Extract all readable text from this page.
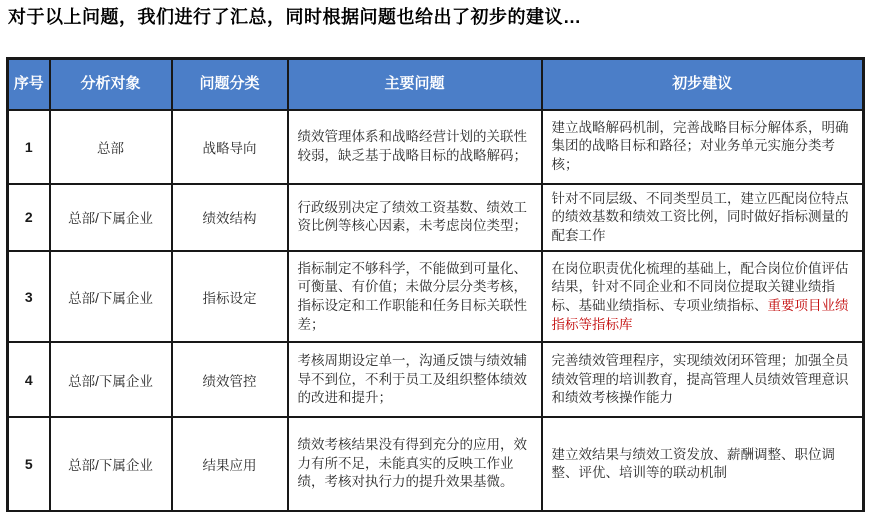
对于以上问题，我们进行了汇总，同时根据问题也给出了初步的建议…
序号	分析对象	问题分类	主要问题	初步建议
1	总部	战略导向	绩效管理体系和战略经营计划的关联性较弱，缺乏基于战略目标的战略解码；	建立战略解码机制，完善战略目标分解体系，明确集团的战略目标和路径；对业务单元实施分类考核；
2	总部/下属企业	绩效结构	行政级别决定了绩效工资基数、绩效工资比例等核心因素，未考虑岗位类型；	针对不同层级、不同类型员工，建立匹配岗位特点的绩效基数和绩效工资比例，同时做好指标测量的配套工作
3	总部/下属企业	指标设定	指标制定不够科学，不能做到可量化、可衡量、有价值；未做分层分类考核，指标设定和工作职能和任务目标关联性差；	在岗位职责优化梳理的基础上，配合岗位价值评估结果，针对不同企业和不同岗位提取关键业绩指标、基础业绩指标、专项业绩指标、重要项目业绩指标等指标库
4	总部/下属企业	绩效管控	考核周期设定单一，沟通反馈与绩效辅导不到位，不利于员工及组织整体绩效的改进和提升；	完善绩效管理程序，实现绩效闭环管理；加强全员绩效管理的培训教育，提高管理人员绩效管理意识和绩效考核操作能力
5	总部/下属企业	结果应用	绩效考核结果没有得到充分的应用，效力有所不足，未能真实的反映工作业绩，考核对执行力的提升效果基微。	建立效结果与绩效工资发放、薪酬调整、职位调整、评优、培训等的联动机制
